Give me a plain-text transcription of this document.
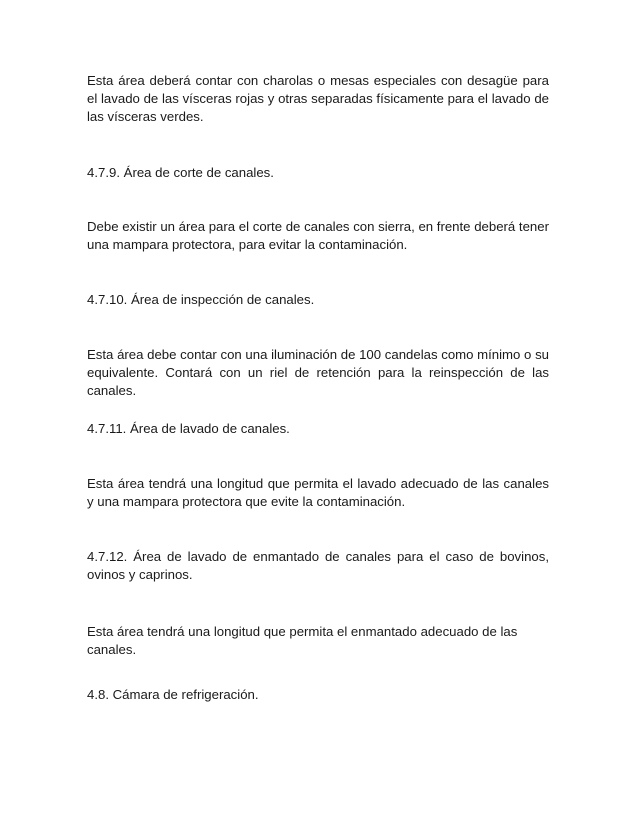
Esta área deberá contar con charolas o mesas especiales con desagüe para el lavado de las vísceras rojas y otras separadas físicamente para el lavado de las vísceras verdes.

4.7.9. Área de corte de canales.

Debe existir un área para el corte de canales con sierra, en frente deberá tener una mampara protectora, para evitar la contaminación.

4.7.10. Área de inspección de canales.

Esta área debe contar con una iluminación de 100 candelas como mínimo o su equivalente. Contará con un riel de retención para la reinspección de las canales.

4.7.11. Área de lavado de canales.

Esta área tendrá una longitud que permita el lavado adecuado de las canales y una mampara protectora que evite la contaminación.

4.7.12. Área de lavado de enmantado de canales para el caso de bovinos, ovinos y caprinos.

Esta área tendrá una longitud que permita el enmantado adecuado de las canales.

4.8. Cámara de refrigeración.
